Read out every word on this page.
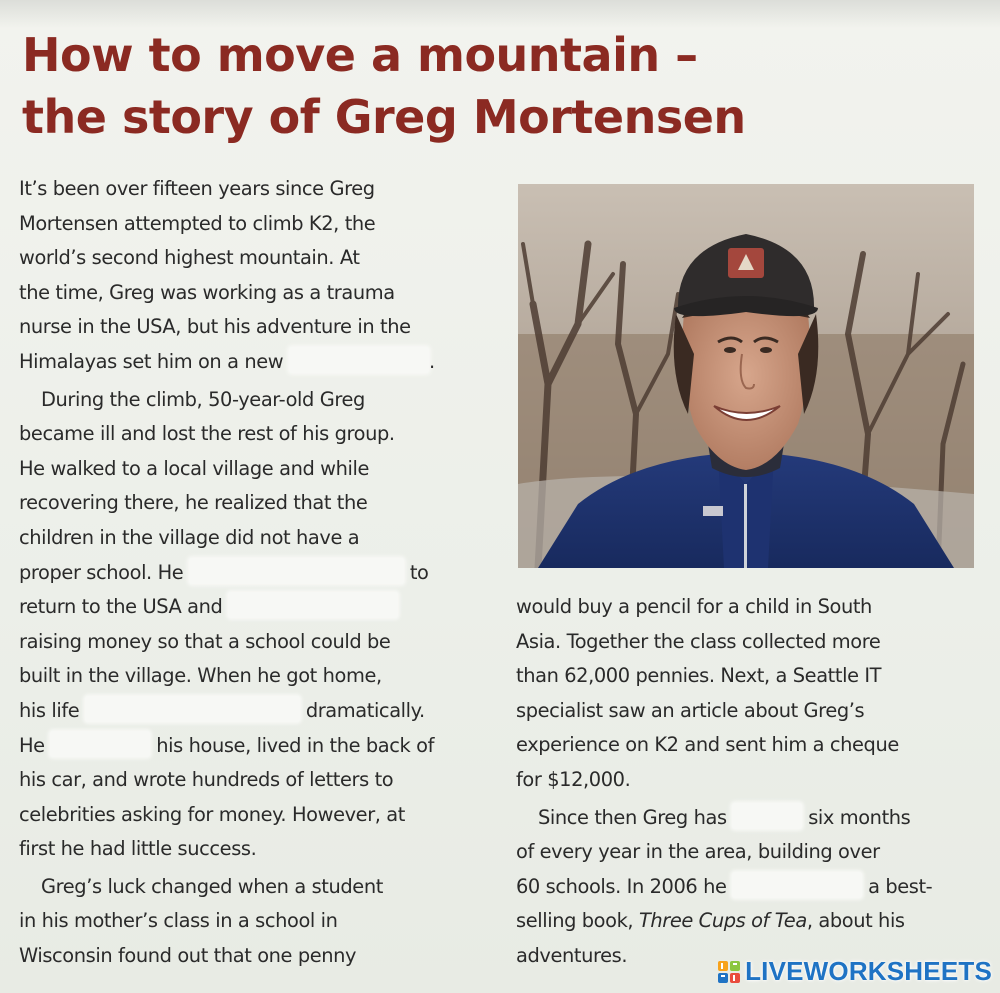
How to move a mountain –
the story of Greg Mortensen
It’s been over fifteen years since Greg
Mortensen attempted to climb K2, the
world’s second highest mountain. At
the time, Greg was working as a trauma
nurse in the USA, but his adventure in the
Himalayas set him on a new	.
During the climb, 50-year-old Greg
became ill and lost the rest of his group.
He walked to a local village and while
recovering there, he realized that the
children in the village did not have a
proper school. He	to
return to the USA and
raising money so that a school could be
built in the village. When he got home,
his life	dramatically.
He	his house, lived in the back of
his car, and wrote hundreds of letters to
celebrities asking for money. However, at
first he had little success.
Greg’s luck changed when a student
in his mother’s class in a school in
Wisconsin found out that one penny
would buy a pencil for a child in South
Asia. Together the class collected more
than 62,000 pennies. Next, a Seattle IT
specialist saw an article about Greg’s
experience on K2 and sent him a cheque
for $12,000.
Since then Greg has	six months
of every year in the area, building over
60 schools. In 2006 he	a best-
selling book, Three Cups of Tea, about his
adventures.
LIVEWORKSHEETS
